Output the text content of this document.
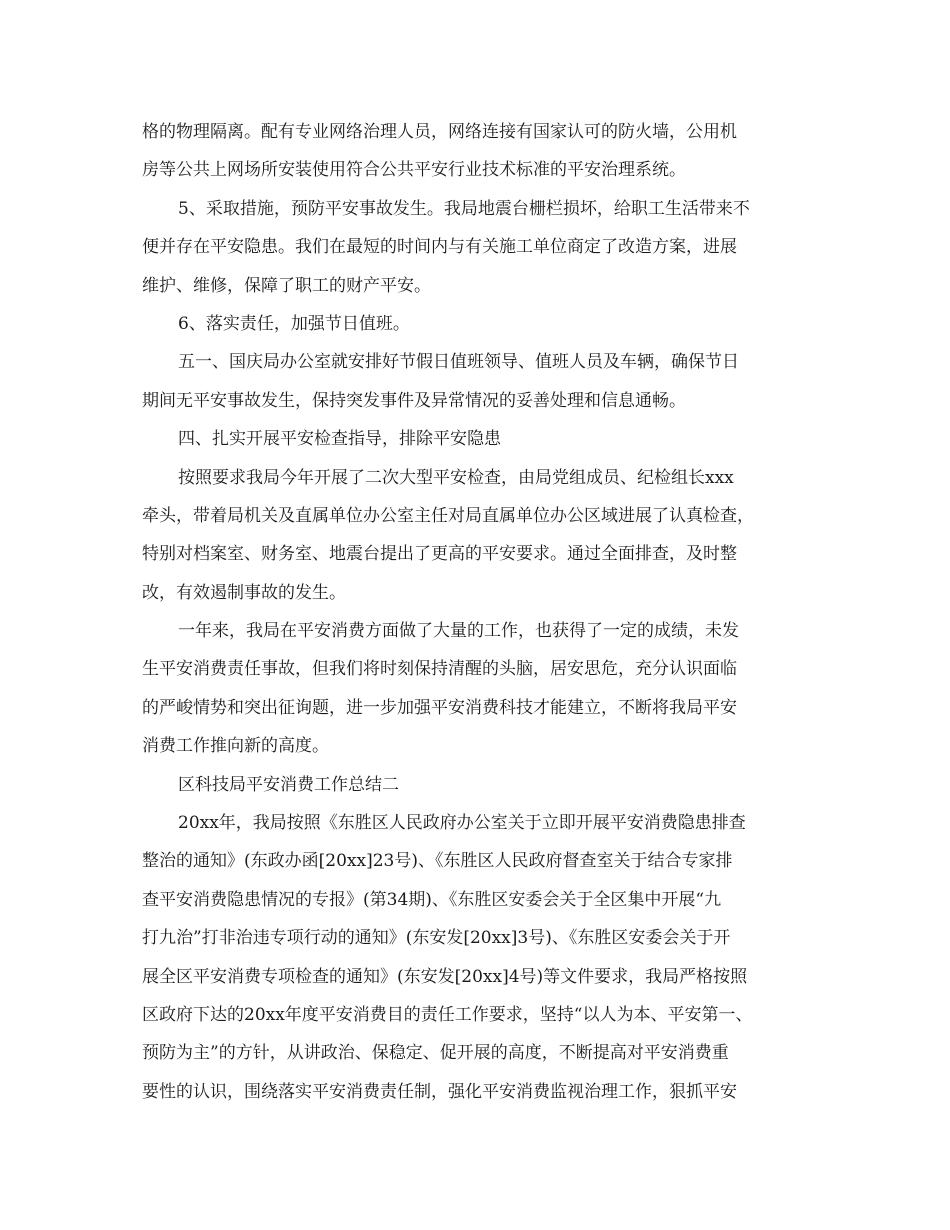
格的物理隔离。配有专业网络治理人员，网络连接有国家认可的防火墙，公用机
房等公共上网场所安装使用符合公共平安行业技术标准的平安治理系统。
5、采取措施，预防平安事故发生。我局地震台栅栏损坏，给职工生活带来不
便并存在平安隐患。我们在最短的时间内与有关施工单位商定了改造方案，进展
维护、维修，保障了职工的财产平安。
6、落实责任，加强节日值班。
五一、国庆局办公室就安排好节假日值班领导、值班人员及车辆，确保节日
期间无平安事故发生，保持突发事件及异常情况的妥善处理和信息通畅。
四、扎实开展平安检查指导，排除平安隐患
按照要求我局今年开展了二次大型平安检查，由局党组成员、纪检组长xxx
牵头，带着局机关及直属单位办公室主任对局直属单位办公区域进展了认真检查，
特别对档案室、财务室、地震台提出了更高的平安要求。通过全面排查，及时整
改，有效遏制事故的发生。
一年来，我局在平安消费方面做了大量的工作，也获得了一定的成绩，未发
生平安消费责任事故，但我们将时刻保持清醒的头脑，居安思危，充分认识面临
的严峻情势和突出征询题，进一步加强平安消费科技才能建立，不断将我局平安
消费工作推向新的高度。
区科技局平安消费工作总结二
20xx年，我局按照《东胜区人民政府办公室关于立即开展平安消费隐患排查
整治的通知》(东政办函[20xx]23号)、《东胜区人民政府督查室关于结合专家排
查平安消费隐患情况的专报》(第34期)、《东胜区安委会关于全区集中开展“九
打九治”打非治违专项行动的通知》(东安发[20xx]3号)、《东胜区安委会关于开
展全区平安消费专项检查的通知》(东安发[20xx]4号)等文件要求，我局严格按照
区政府下达的20xx年度平安消费目的责任工作要求，坚持“以人为本、平安第一、
预防为主”的方针，从讲政治、保稳定、促开展的高度，不断提高对平安消费重
要性的认识，围绕落实平安消费责任制，强化平安消费监视治理工作，狠抓平安
